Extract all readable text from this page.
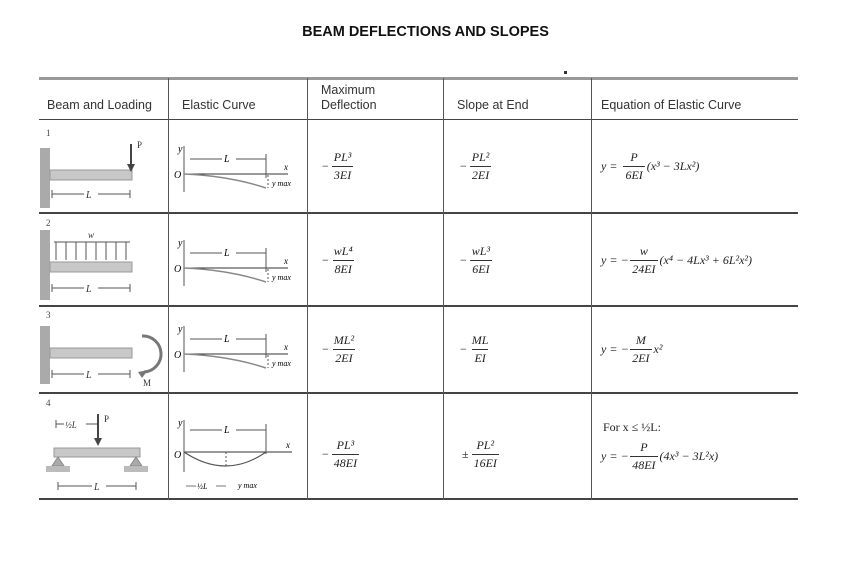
BEAM DEFLECTIONS AND SLOPES
Beam and Loading Elastic Curve
Maximum
Deflection	Slope at End	Equation of Elastic Curve
1
2
3
4
P
L
y
O
x
L
y max
− $\frac{\text{PL³}}{3EI}$	− $\frac{\text{PL²}}{2EI}$	$y = \frac{P}{6EI} (x^3 - 3Lx^2)$
w
L
y
O
x
L
y max
− $\frac{\text{wL⁴}}{8EI}$	− $\frac{\text{wL³}}{6EI}$	y = − $\frac{w}{24EI} (x^4 - 4Lx^3 + 6L^2x^2)$
M
L
y
O
x
L
y max
− $\frac{\text{ML²}}{2EI}$	− $\frac{ML}{EI}$	y = − $\frac{M}{2EI} x^2$
½L
P
L
y
O
x
L
½L	y max
− $\frac{\text{PL³}}{48EI}$	± $\frac{\text{PL²}}{16EI}$
For x ≤ ½L:
y = − $\frac{P}{48EI} (4x^3 - 3L^2x)$
